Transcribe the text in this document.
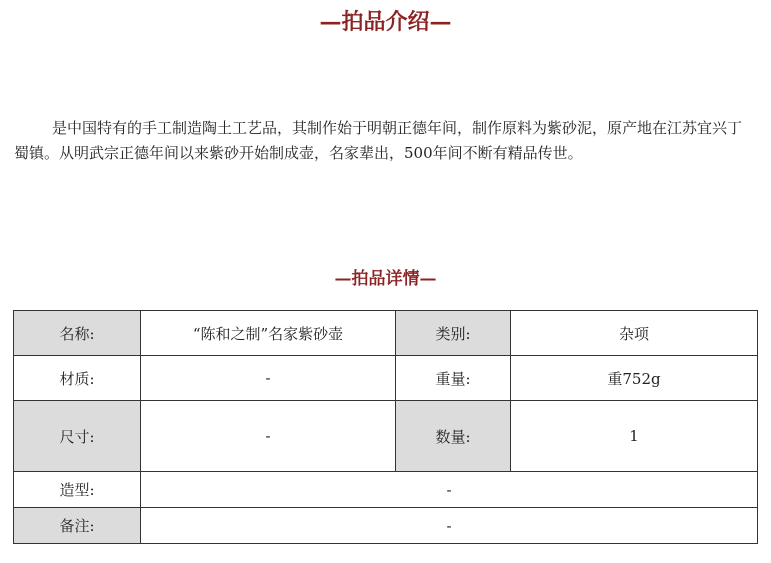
—拍品介绍—

是中国特有的手工制造陶土工艺品，其制作始于明朝正德年间，制作原料为紫砂泥，原产地在江苏宜兴丁蜀镇。从明武宗正德年间以来紫砂开始制成壶，名家辈出，500年间不断有精品传世。

—拍品详情—
名称:	“陈和之制”名家紫砂壶	类别:	杂项
材质:	-	重量:	重752g
尺寸:	-	数量:	1
造型:	-		
备注:	-		
